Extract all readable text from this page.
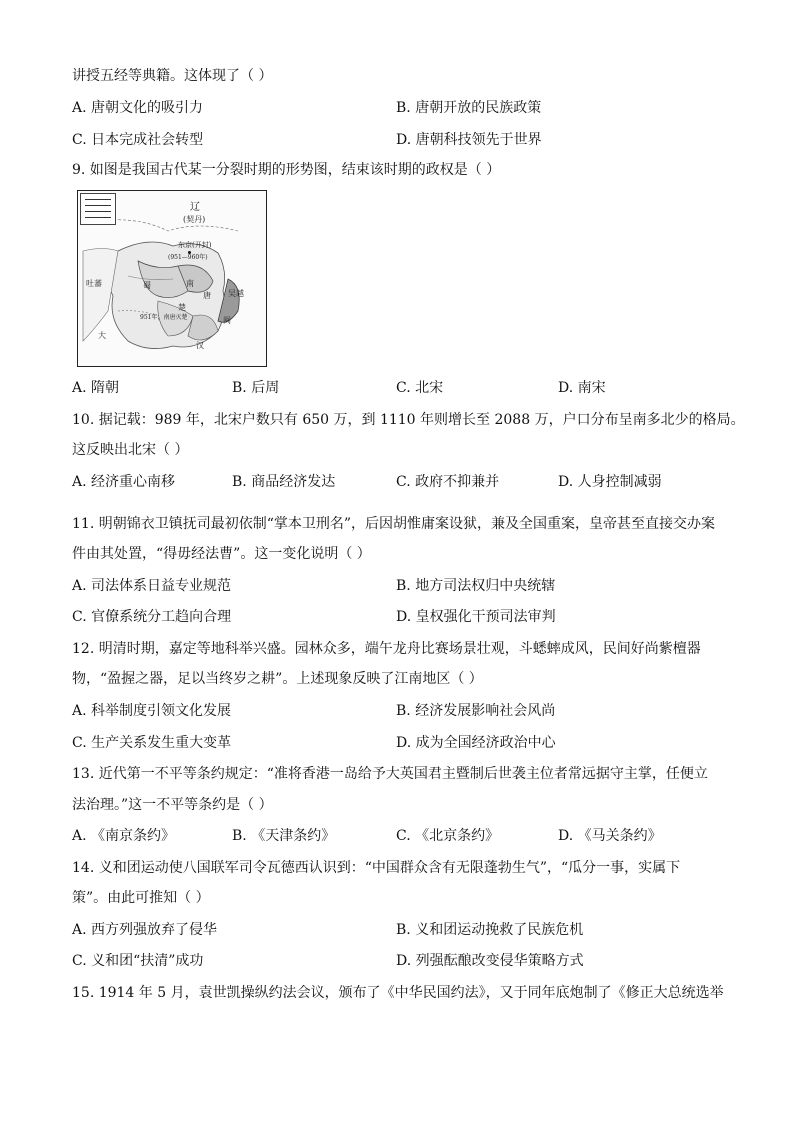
讲授五经等典籍。这体现了（ ）
A. 唐朝文化的吸引力	B. 唐朝开放的民族政策
C. 日本完成社会转型	D. 唐朝科技领先于世界
9. 如图是我国古代某一分裂时期的形势图，结束该时期的政权是（ ）
辽
(契丹)
东京(开封)
(951—960年)
吐蕃	蜀	南
唐 吴越
闽
楚
951年，南唐灭楚
大
汉
A. 隋朝	B. 后周	C. 北宋	D. 南宋
10. 据记载：989 年，北宋户数只有 650 万，到 1110 年则增长至 2088 万，户口分布呈南多北少的格局。
这反映出北宋（ ）
A. 经济重心南移	B. 商品经济发达	C. 政府不抑兼并	D. 人身控制减弱
11. 明朝锦衣卫镇抚司最初依制“掌本卫刑名”，后因胡惟庸案设狱，兼及全国重案，皇帝甚至直接交办案
件由其处置，“得毋经法曹”。这一变化说明（ ）
A. 司法体系日益专业规范	B. 地方司法权归中央统辖
C. 官僚系统分工趋向合理	D. 皇权强化干预司法审判
12. 明清时期，嘉定等地科举兴盛。园林众多，端午龙舟比赛场景壮观，斗蟋蟀成风，民间好尚紫檀器
物，“盈握之器，足以当终岁之耕”。上述现象反映了江南地区（ ）
A. 科举制度引领文化发展	B. 经济发展影响社会风尚
C. 生产关系发生重大变革	D. 成为全国经济政治中心
13. 近代第一不平等条约规定：“准将香港一岛给予大英国君主暨制后世袭主位者常远据守主掌，任便立
法治理。”这一不平等条约是（ ）
A. 《南京条约》	B. 《天津条约》	C. 《北京条约》	D. 《马关条约》
14. 义和团运动使八国联军司令瓦德西认识到：“中国群众含有无限蓬勃生气”，“瓜分一事，实属下
策”。由此可推知（ ）
A. 西方列强放弃了侵华	B. 义和团运动挽救了民族危机
C. 义和团“扶清”成功	D. 列强酝酿改变侵华策略方式
15. 1914 年 5 月，袁世凯操纵约法会议，颁布了《中华民国约法》，又于同年底炮制了《修正大总统选举
